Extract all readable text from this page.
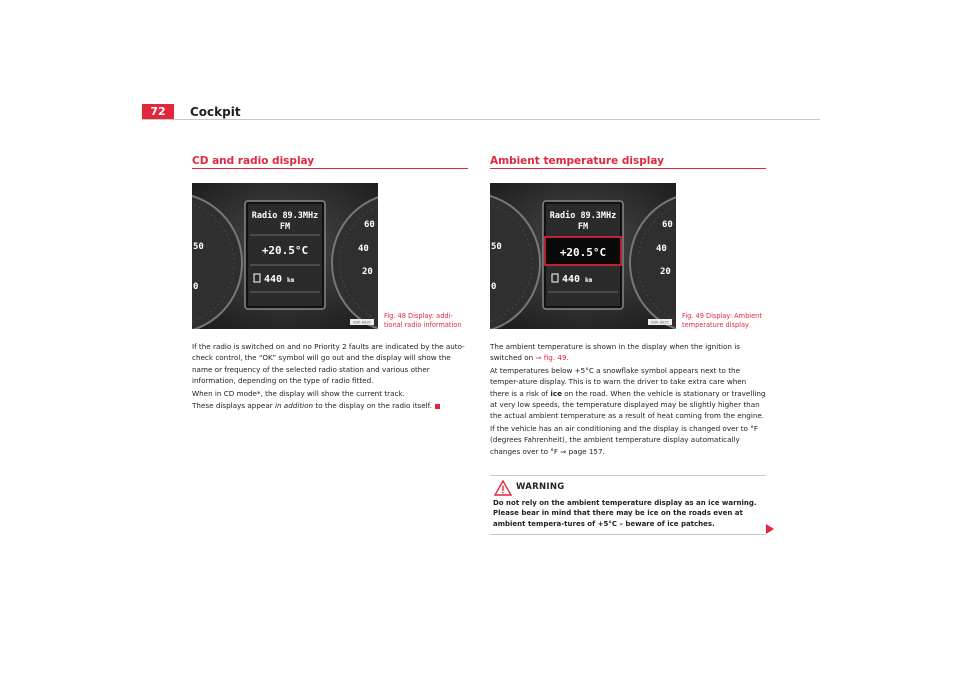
72	Cockpit
CD and radio display
50
0
60
40
20
Radio 89.3MHz
FM
+20.5°C
440 km
B3R-0026
Fig. 48 Display: addi-
tional radio information

If the radio is switched on and no Priority 2 faults are indicated by the auto-check control, the “OK” symbol will go out and the display will show the name or frequency of the selected radio station and various other information, depending on the type of radio fitted.

When in CD mode*, the display will show the current track.

These displays appear in addition to the display on the radio itself.

Ambient temperature display
50
0
60
40
20
Radio 89.3MHz
FM
+20.5°C
440 km
B3R-0025
Fig. 49 Display: Ambient
temperature display

The ambient temperature is shown in the display when the ignition is switched on ⇒ fig. 49.

At temperatures below +5°C a snowflake symbol appears next to the temper-ature display. This is to warn the driver to take extra care when there is a risk of ice on the road. When the vehicle is stationary or travelling at very low speeds, the temperature displayed may be slightly higher than the actual ambient temperature as a result of heat coming from the engine.

If the vehicle has an air conditioning and the display is changed over to °F (degrees Fahrenheit), the ambient temperature display automatically changes over to °F ⇒ page 157.

WARNING
Do not rely on the ambient temperature display as an ice warning. Please bear in mind that there may be ice on the roads even at ambient tempera-tures of +5°C – beware of ice patches.
